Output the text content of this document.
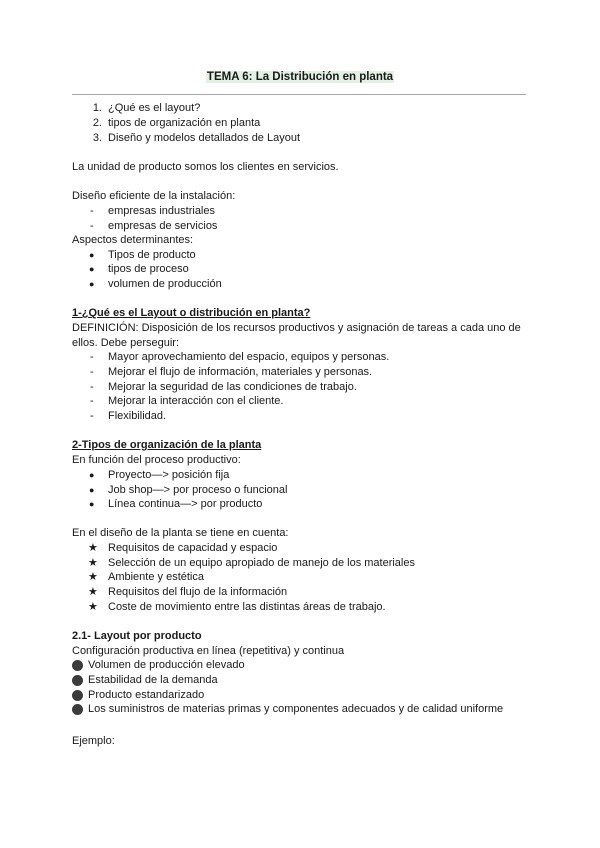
TEMA 6: La Distribución en planta
1. ¿Qué es el layout?
2. tipos de organización en planta
3. Diseño y modelos detallados de Layout
La unidad de producto somos los clientes en servicios.
Diseño eficiente de la instalación:
- empresas industriales
- empresas de servicios
Aspectos determinantes:
● Tipos de producto
● tipos de proceso
● volumen de producción
1-¿Qué es el Layout o distribución en planta?
DEFINICIÓN: Disposición de los recursos productivos y asignación de tareas a cada uno de
ellos. Debe perseguir:
- Mayor aprovechamiento del espacio, equipos y personas.
- Mejorar el flujo de información, materiales y personas.
- Mejorar la seguridad de las condiciones de trabajo.
- Mejorar la interacción con el cliente.
- Flexibilidad.
2-Tipos de organización de la planta
En función del proceso productivo:
● Proyecto—> posición fija
● Job shop—> por proceso o funcional
● Línea continua—> por producto
En el diseño de la planta se tiene en cuenta:
★ Requisitos de capacidad y espacio
★ Selección de un equipo apropiado de manejo de los materiales
★ Ambiente y estética
★ Requisitos del flujo de la información
★ Coste de movimiento entre las distintas áreas de trabajo.
2.1- Layout por producto
Configuración productiva en línea (repetitiva) y continua
Volumen de producción elevado
Estabilidad de la demanda
Producto estandarizado
Los suministros de materias primas y componentes adecuados y de calidad uniforme
Ejemplo:
